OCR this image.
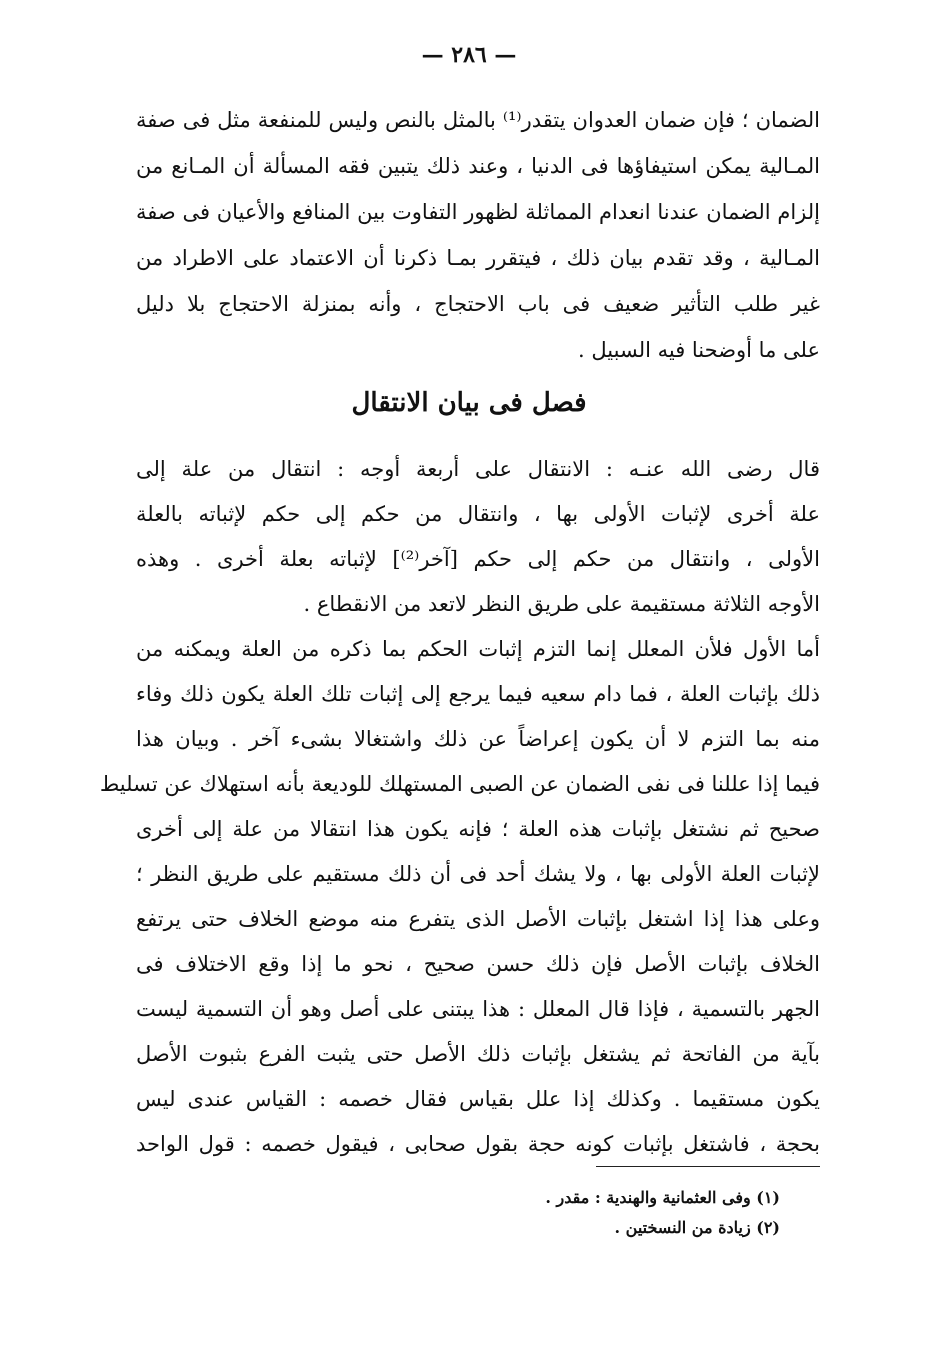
— ٢٨٦ —
الضمان ؛ فإن ضمان العدوان يتقدر⁽¹⁾ بالمثل بالنص وليس للمنفعة مثل فى صفة
المـالية يمكن استيفاؤها فى الدنيا ، وعند ذلك يتبين فقه المسألة أن المـانع من
إلزام الضمان عندنا انعدام المماثلة لظهور التفاوت بين المنافع والأعيان فى صفة
المـالية ، وقد تقدم بيان ذلك ، فيتقرر بمـا ذكرنا أن الاعتماد على الاطراد من
غير طلب التأثير ضعيف فى باب الاحتجاج ، وأنه بمنزلة الاحتجاج بلا دليل
على ما أوضحنا فيه السبيل .
فصل فى بيان الانتقال
قال رضى الله عنـه : الانتقال على أربعة أوجه : انتقال من علة إلى
علة أخرى لإثبات الأولى بها ، وانتقال من حكم إلى حكم لإثباته بالعلة
الأولى ، وانتقال من حكم إلى حكم [آخر⁽²⁾] لإثباته بعلة أخرى . وهذه
الأوجه الثلاثة مستقيمة على طريق النظر لاتعد من الانقطاع .
أما الأول فلأن المعلل إنما التزم إثبات الحكم بما ذكره من العلة ويمكنه من
ذلك بإثبات العلة ، فما دام سعيه فيما يرجع إلى إثبات تلك العلة يكون ذلك وفاء
منه بما التزم لا أن يكون إعراضاً عن ذلك واشتغالا بشىء آخر . وبيان هذا
فيما إذا عللنا فى نفى الضمان عن الصبى المستهلك للوديعة بأنه استهلاك عن تسليط
صحيح ثم نشتغل بإثبات هذه العلة ؛ فإنه يكون هذا انتقالا من علة إلى أخرى
لإثبات العلة الأولى بها ، ولا يشك أحد فى أن ذلك مستقيم على طريق النظر ؛
وعلى هذا إذا اشتغل بإثبات الأصل الذى يتفرع منه موضع الخلاف حتى يرتفع
الخلاف بإثبات الأصل فإن ذلك حسن صحيح ، نحو ما إذا وقع الاختلاف فى
الجهر بالتسمية ، فإذا قال المعلل : هذا يبتنى على أصل وهو أن التسمية ليست
بآية من الفاتحة ثم يشتغل بإثبات ذلك الأصل حتى يثبت الفرع بثبوت الأصل
يكون مستقيما . وكذلك إذا علل بقياس فقال خصمه : القياس عندى ليس
بحجة ، فاشتغل بإثبات كونه حجة بقول صحابى ، فيقول خصمه : قول الواحد
(١) وفى العثمانية والهندية : مقدر .
(٢) زيادة من النسختين .
